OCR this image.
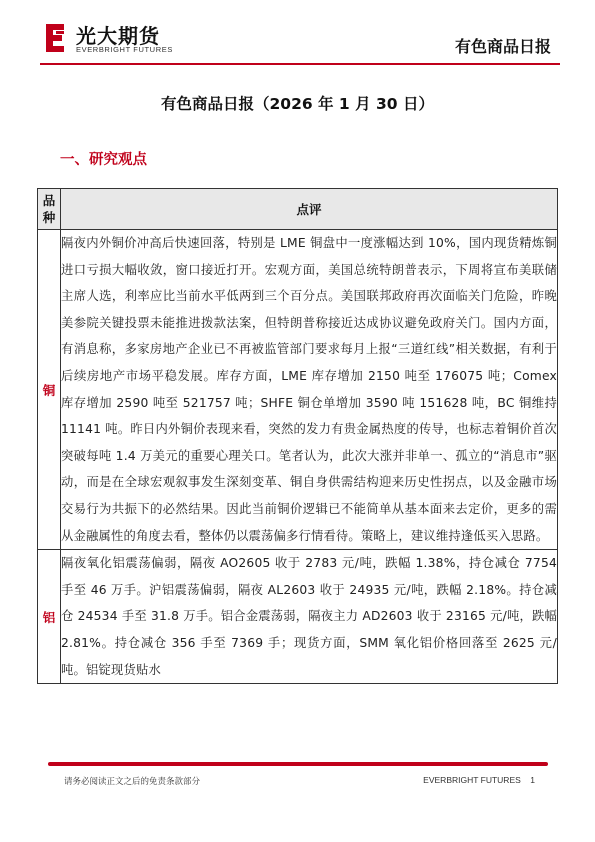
光大期货
EVERBRIGHT FUTURES	有色商品日报
有色商品日报（2026 年 1 月 30 日）
一、研究观点
品种	点评
铜	隔夜内外铜价冲高后快速回落，特别是 LME 铜盘中一度涨幅达到 10%，国内现货精炼铜进口亏损大幅收敛，窗口接近打开。宏观方面，美国总统特朗普表示，下周将宣布美联储主席人选，利率应比当前水平低两到三个百分点。美国联邦政府再次面临关门危险，昨晚美参院关键投票未能推进拨款法案，但特朗普称接近达成协议避免政府关门。国内方面，有消息称，多家房地产企业已不再被监管部门要求每月上报“三道红线”相关数据，有利于后续房地产市场平稳发展。库存方面，LME 库存增加 2150 吨至 176075 吨；Comex 库存增加 2590 吨至 521757 吨；SHFE 铜仓单增加 3590 吨 151628 吨，BC 铜维持 11141 吨。昨日内外铜价表现来看，突然的发力有贵金属热度的传导，也标志着铜价首次突破每吨 1.4 万美元的重要心理关口。笔者认为，此次大涨并非单一、孤立的“消息市”驱动，而是在全球宏观叙事发生深刻变革、铜自身供需结构迎来历史性拐点，以及金融市场交易行为共振下的必然结果。因此当前铜价逻辑已不能简单从基本面来去定价，更多的需从金融属性的角度去看，整体仍以震荡偏多行情看待。策略上，建议维持逢低买入思路。
铝	隔夜氧化铝震荡偏弱，隔夜 AO2605 收于 2783 元/吨，跌幅 1.38%，持仓减仓 7754 手至 46 万手。沪铝震荡偏弱，隔夜 AL2603 收于 24935 元/吨，跌幅 2.18%。持仓减仓 24534 手至 31.8 万手。铝合金震荡弱，隔夜主力 AD2603 收于 23165 元/吨，跌幅 2.81%。持仓减仓 356 手至 7369 手；现货方面，SMM 氧化铝价格回落至 2625 元/吨。铝锭现货贴水
请务必阅读正文之后的免责条款部分	EVERBRIGHT FUTURES 1
